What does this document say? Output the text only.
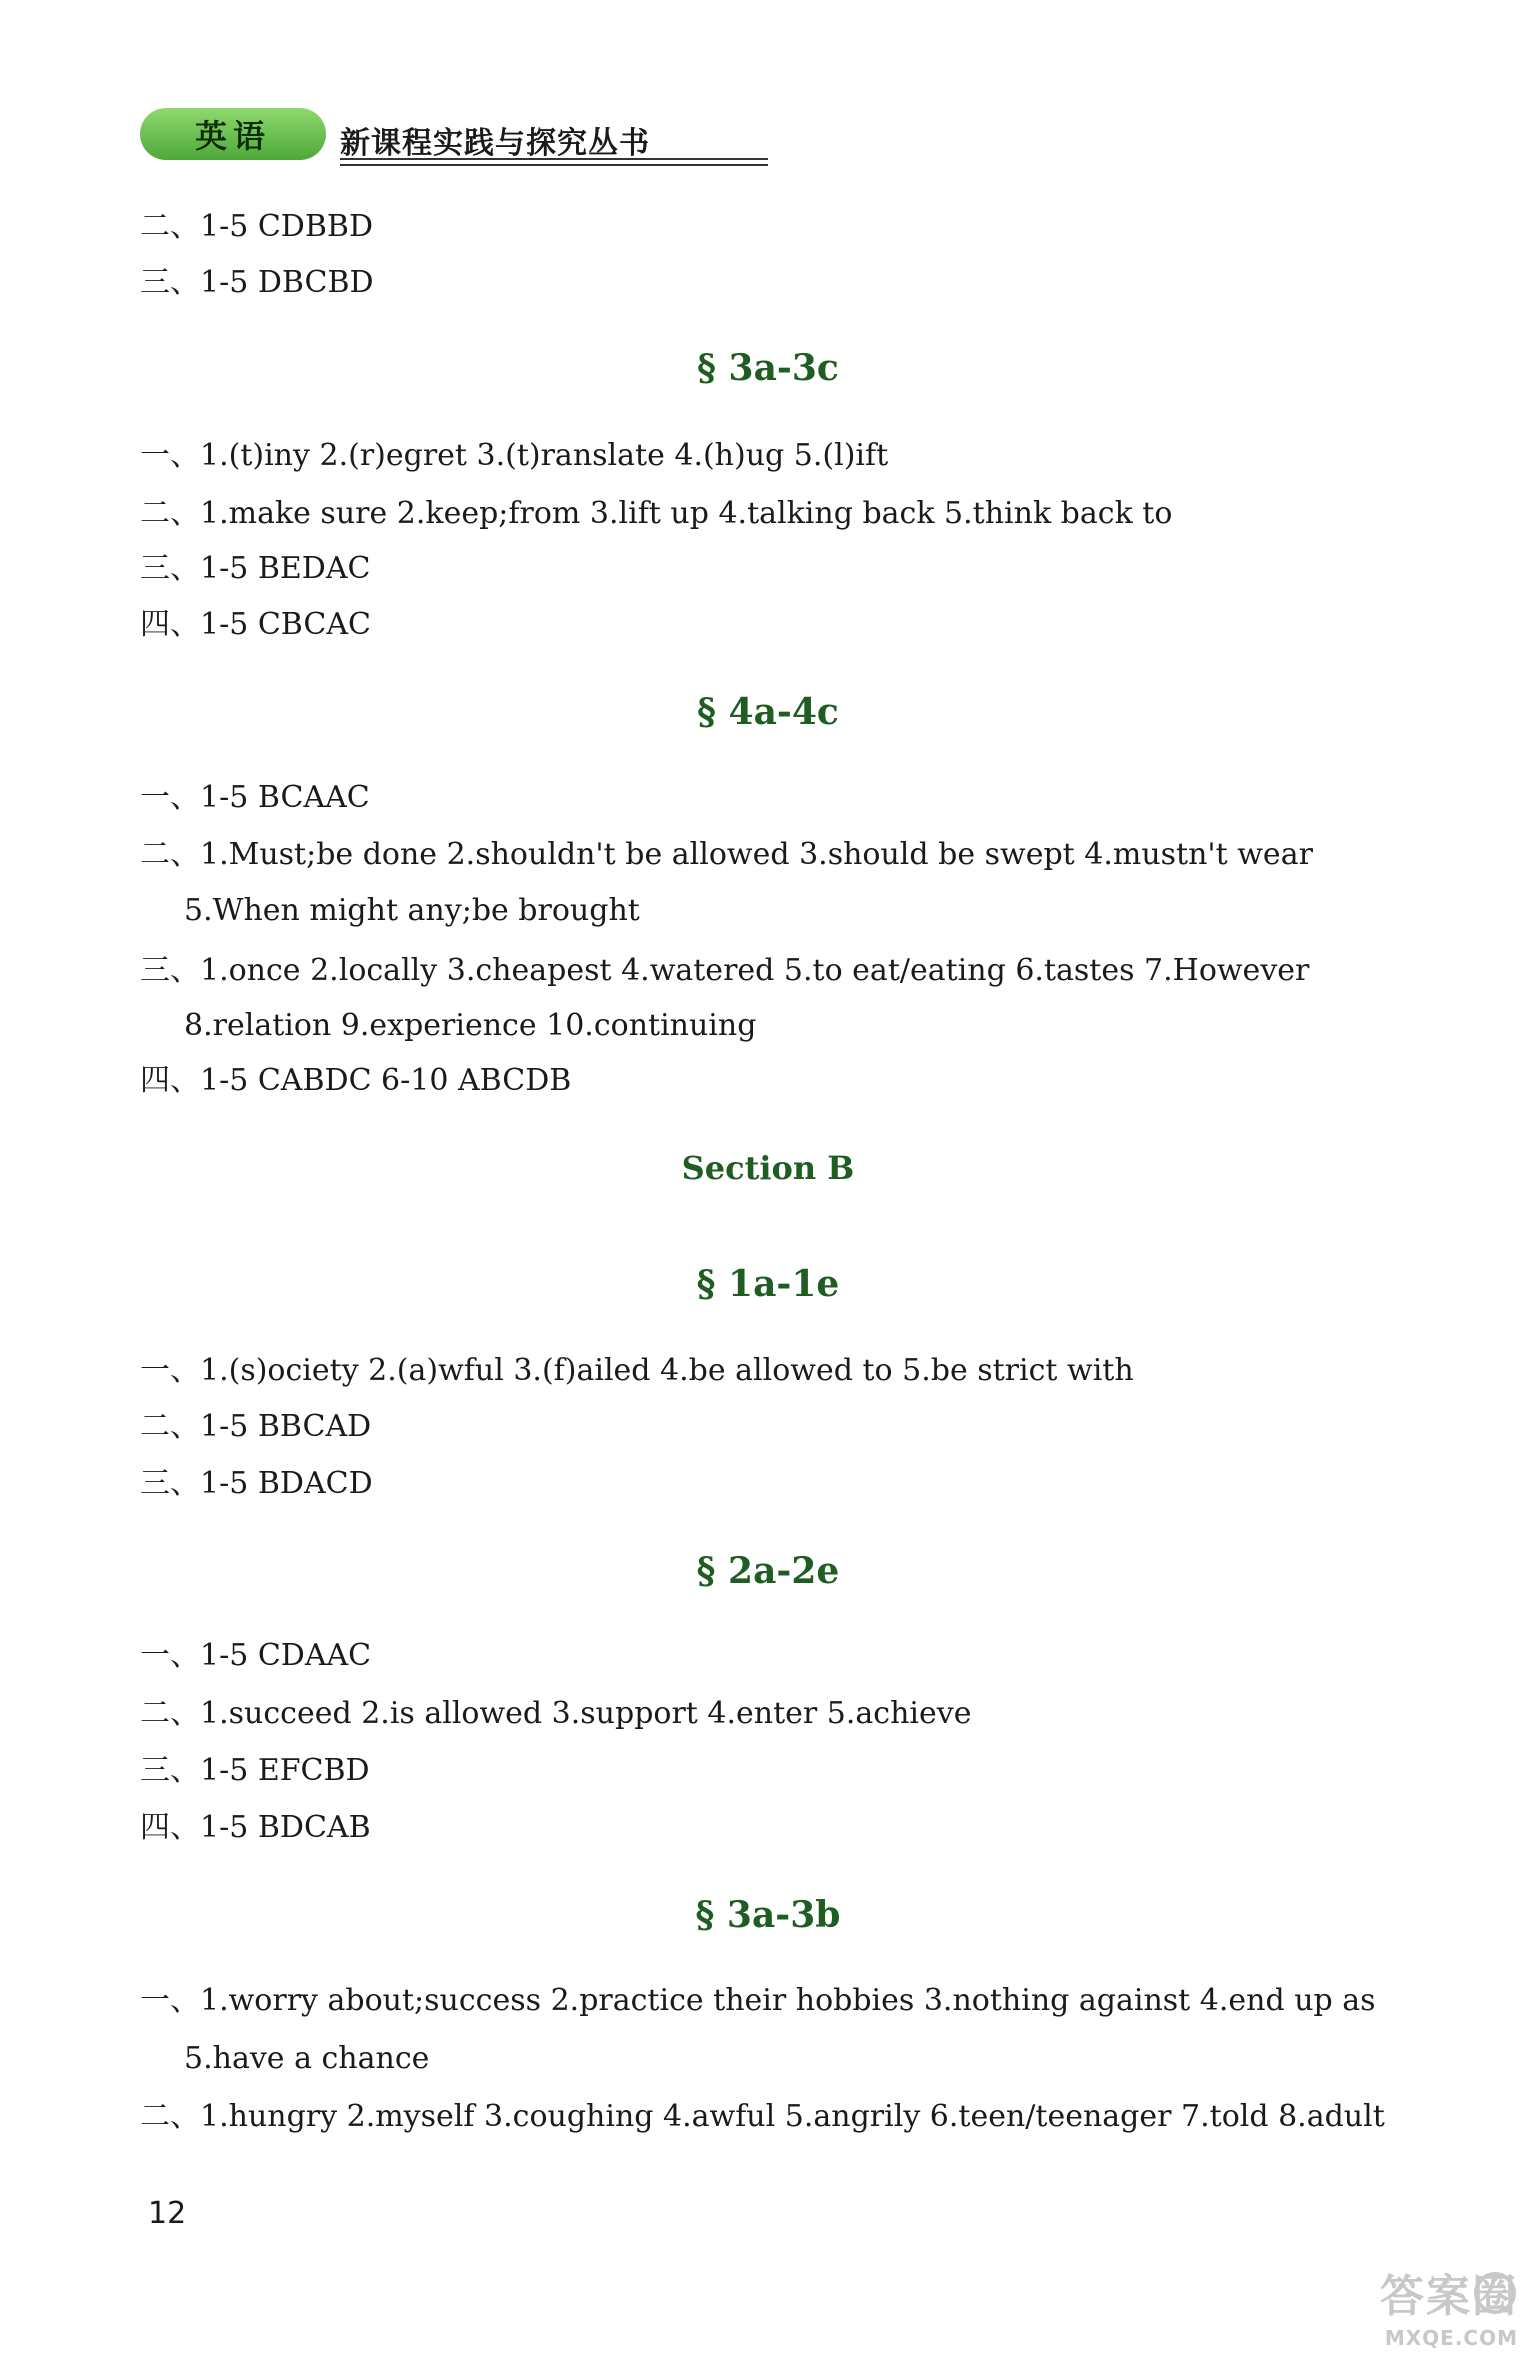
英语	新课程实践与探究丛书
二、1-5 CDBBD
三、1-5 DBCBD
§ 3a-3c
一、1.(t)iny 2.(r)egret 3.(t)ranslate 4.(h)ug 5.(l)ift
二、1.make sure 2.keep;from 3.lift up 4.talking back 5.think back to
三、1-5 BEDAC
四、1-5 CBCAC
§ 4a-4c
一、1-5 BCAAC
二、1.Must;be done 2.shouldn't be allowed 3.should be swept 4.mustn't wear
5.When might any;be brought
三、1.once 2.locally 3.cheapest 4.watered 5.to eat/eating 6.tastes 7.However
8.relation 9.experience 10.continuing
四、1-5 CABDC 6-10 ABCDB
Section B
§ 1a-1e
一、1.(s)ociety 2.(a)wful 3.(f)ailed 4.be allowed to 5.be strict with
二、1-5 BBCAD
三、1-5 BDACD
§ 2a-2e
一、1-5 CDAAC
二、1.succeed 2.is allowed 3.support 4.enter 5.achieve
三、1-5 EFCBD
四、1-5 BDCAB
§ 3a-3b
一、1.worry about;success 2.practice their hobbies 3.nothing against 4.end up as
5.have a chance
二、1.hungry 2.myself 3.coughing 4.awful 5.angrily 6.teen/teenager 7.told 8.adult
12
答案圈
MXQE.COM
